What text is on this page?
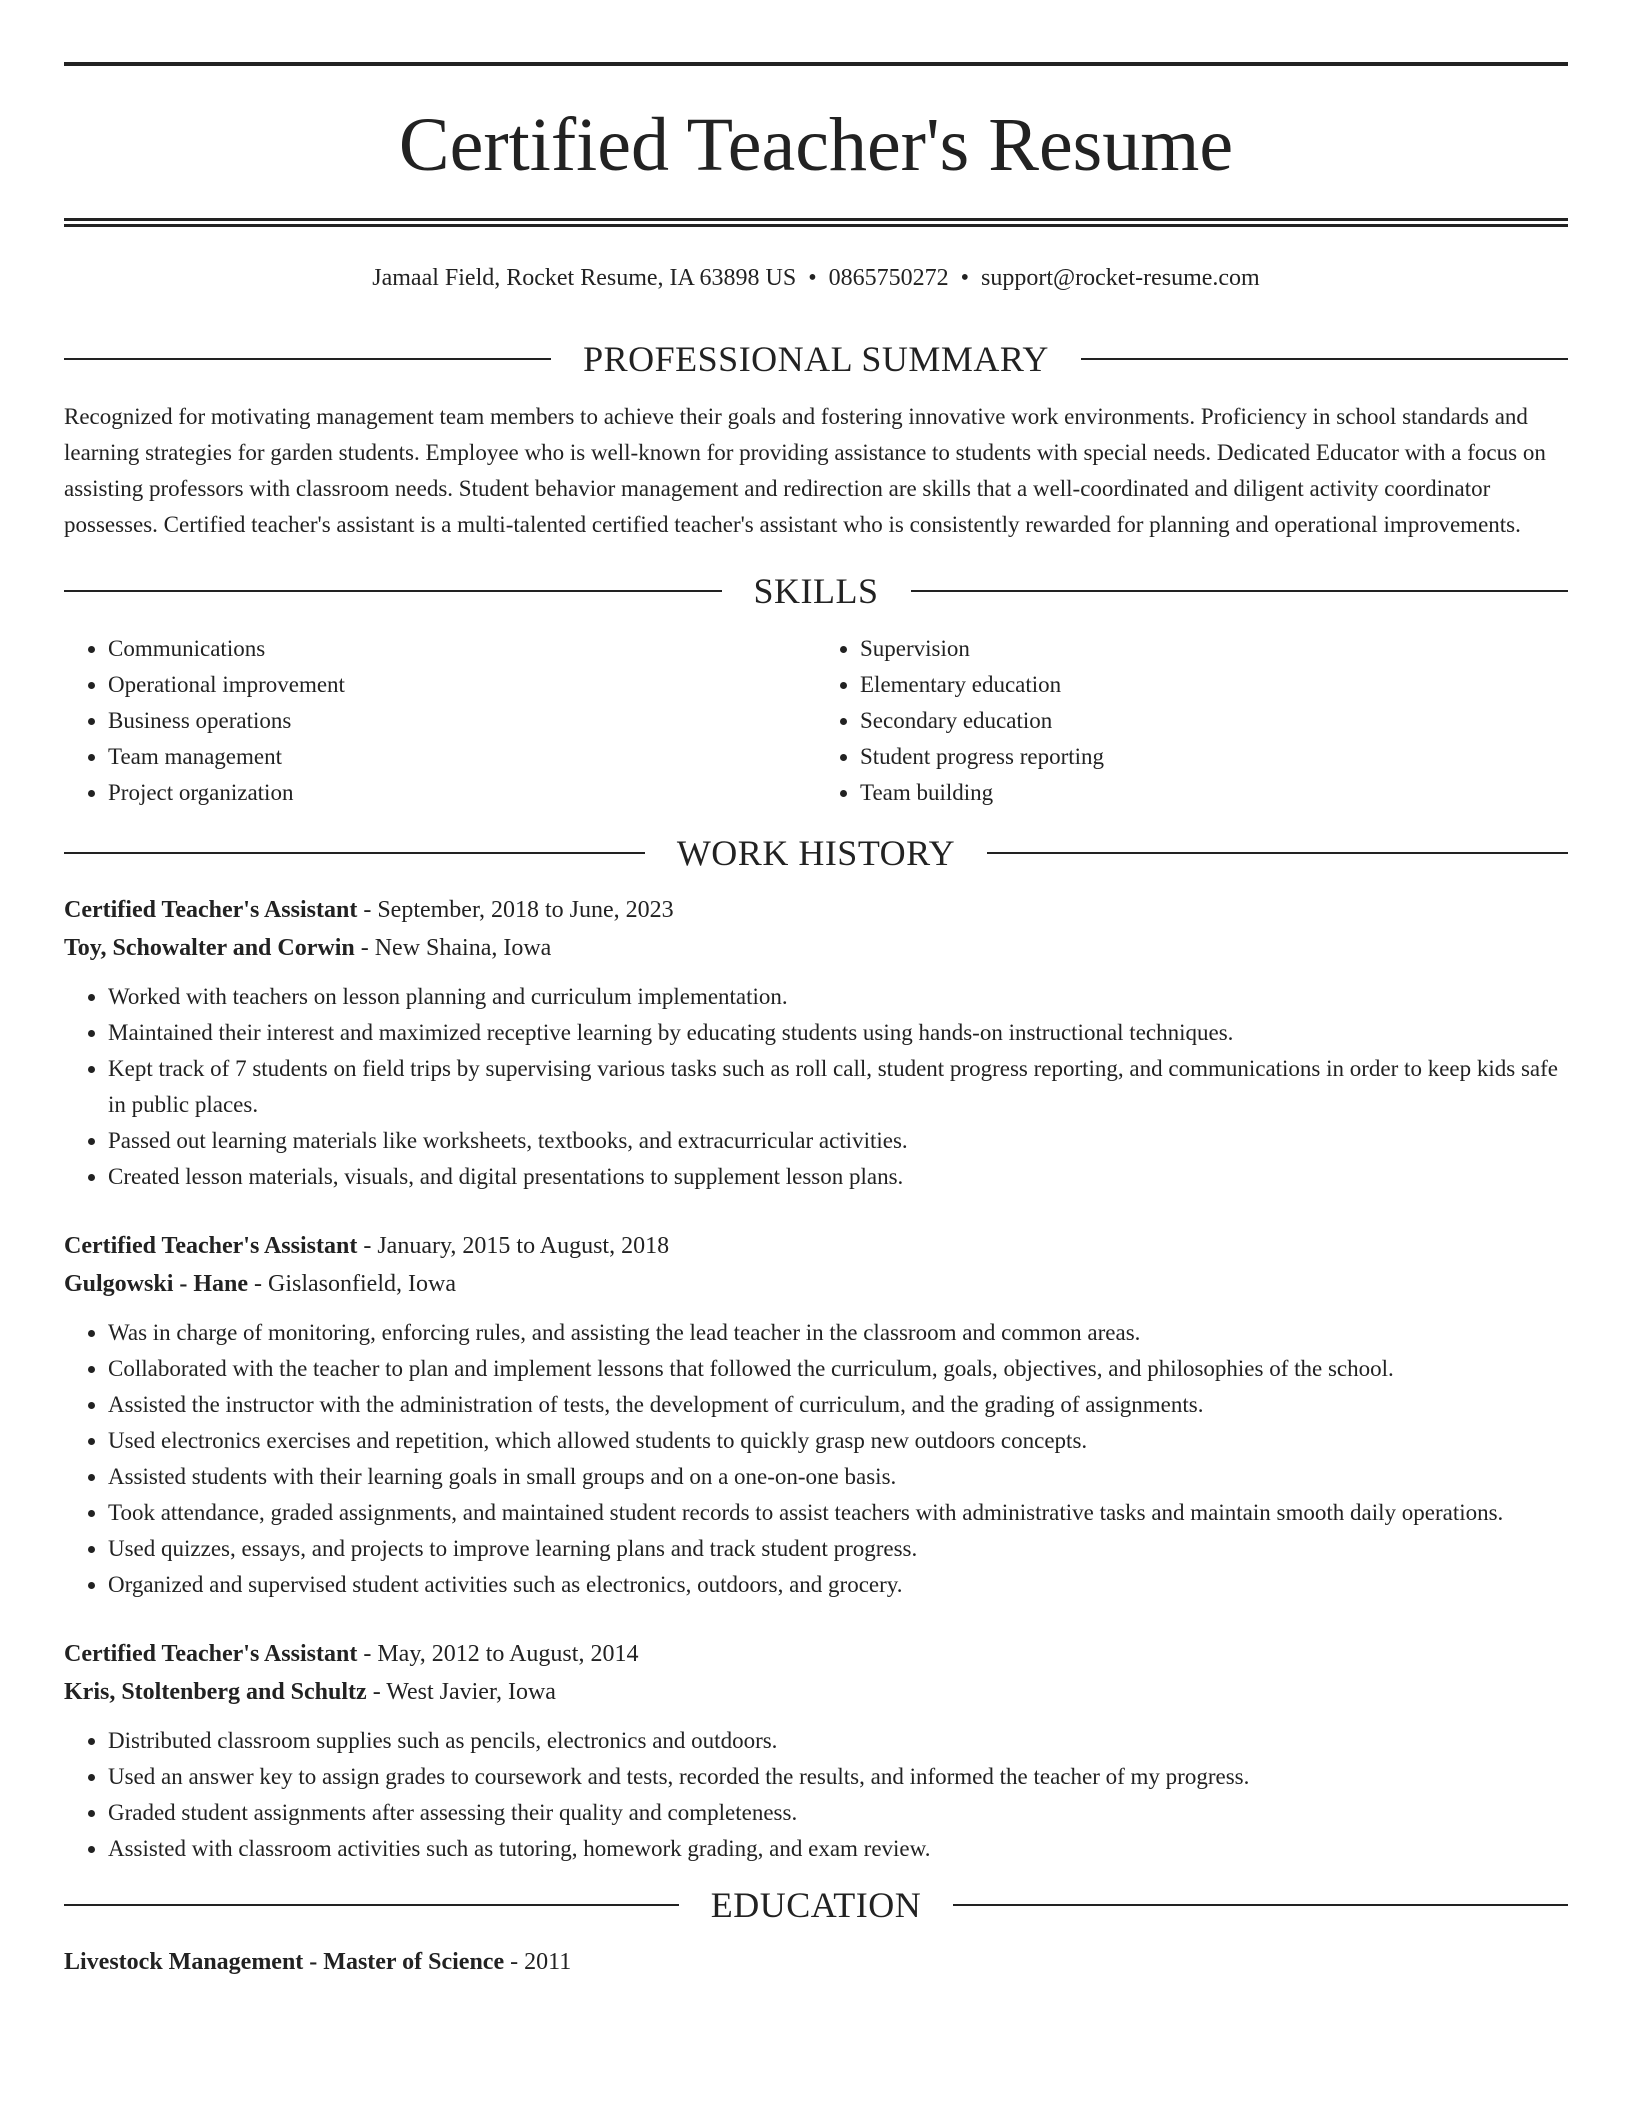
Certified Teacher's Resume
Jamaal Field, Rocket Resume, IA 63898 US • 0865750272 • support@rocket-resume.com
PROFESSIONAL SUMMARY

Recognized for motivating management team members to achieve their goals and fostering innovative work environments. Proficiency in school standards and learning strategies for garden students. Employee who is well-known for providing assistance to students with special needs. Dedicated Educator with a focus on assisting professors with classroom needs. Student behavior management and redirection are skills that a well-coordinated and diligent activity coordinator possesses. Certified teacher's assistant is a multi-talented certified teacher's assistant who is consistently rewarded for planning and operational improvements.

SKILLS
• Communications
• Operational improvement
• Business operations
• Team management
• Project organization
• Supervision
• Elementary education
• Secondary education
• Student progress reporting
• Team building
WORK HISTORY
Certified Teacher's Assistant - September, 2018 to June, 2023
Toy, Schowalter and Corwin - New Shaina, Iowa
• Worked with teachers on lesson planning and curriculum implementation.
• Maintained their interest and maximized receptive learning by educating students using hands-on instructional techniques.
• Kept track of 7 students on field trips by supervising various tasks such as roll call, student progress reporting, and communications in order to keep kids safe in public places.
• Passed out learning materials like worksheets, textbooks, and extracurricular activities.
• Created lesson materials, visuals, and digital presentations to supplement lesson plans.
Certified Teacher's Assistant - January, 2015 to August, 2018
Gulgowski - Hane - Gislasonfield, Iowa
• Was in charge of monitoring, enforcing rules, and assisting the lead teacher in the classroom and common areas.
• Collaborated with the teacher to plan and implement lessons that followed the curriculum, goals, objectives, and philosophies of the school.
• Assisted the instructor with the administration of tests, the development of curriculum, and the grading of assignments.
• Used electronics exercises and repetition, which allowed students to quickly grasp new outdoors concepts.
• Assisted students with their learning goals in small groups and on a one-on-one basis.
• Took attendance, graded assignments, and maintained student records to assist teachers with administrative tasks and maintain smooth daily operations.
• Used quizzes, essays, and projects to improve learning plans and track student progress.
• Organized and supervised student activities such as electronics, outdoors, and grocery.
Certified Teacher's Assistant - May, 2012 to August, 2014
Kris, Stoltenberg and Schultz - West Javier, Iowa
• Distributed classroom supplies such as pencils, electronics and outdoors.
• Used an answer key to assign grades to coursework and tests, recorded the results, and informed the teacher of my progress.
• Graded student assignments after assessing their quality and completeness.
• Assisted with classroom activities such as tutoring, homework grading, and exam review.
EDUCATION
Livestock Management - Master of Science - 2011
